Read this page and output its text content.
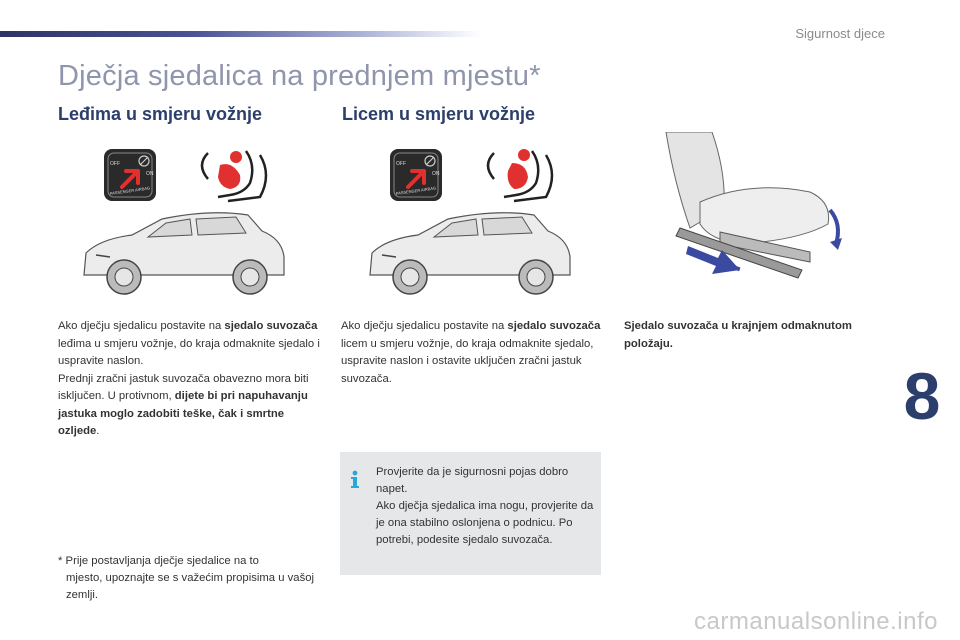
Sigurnost djece
Dječja sjedalica na prednjem mjestu*
Leđima u smjeru vožnje	Licem u smjeru vožnje
OFF
ON
PASSENGER AIRBAG
OFF
ON
PASSENGER AIRBAG
Ako dječju sjedalicu postavite na sjedalo suvozača leđima u smjeru vožnje, do kraja odmaknite sjedalo i uspravite naslon.
Prednji zračni jastuk suvozača obavezno mora biti isključen. U protivnom, dijete bi pri napuhavanju jastuka moglo zadobiti teške, čak i smrtne ozljede.
Ako dječju sjedalicu postavite na sjedalo suvozača licem u smjeru vožnje, do kraja odmaknite sjedalo, uspravite naslon i ostavite uključen zračni jastuk suvozača.
Sjedalo suvozača u krajnjem odmaknutom položaju.
Provjerite da je sigurnosni pojas dobro napet.
Ako dječja sjedalica ima nogu, provjerite da je ona stabilno oslonjena o podnicu. Po potrebi, podesite sjedalo suvozača.
* Prije postavljanja dječje sjedalice na to
mjesto, upoznajte se s važećim propisima u vašoj zemlji.
8
carmanualsonline.info
